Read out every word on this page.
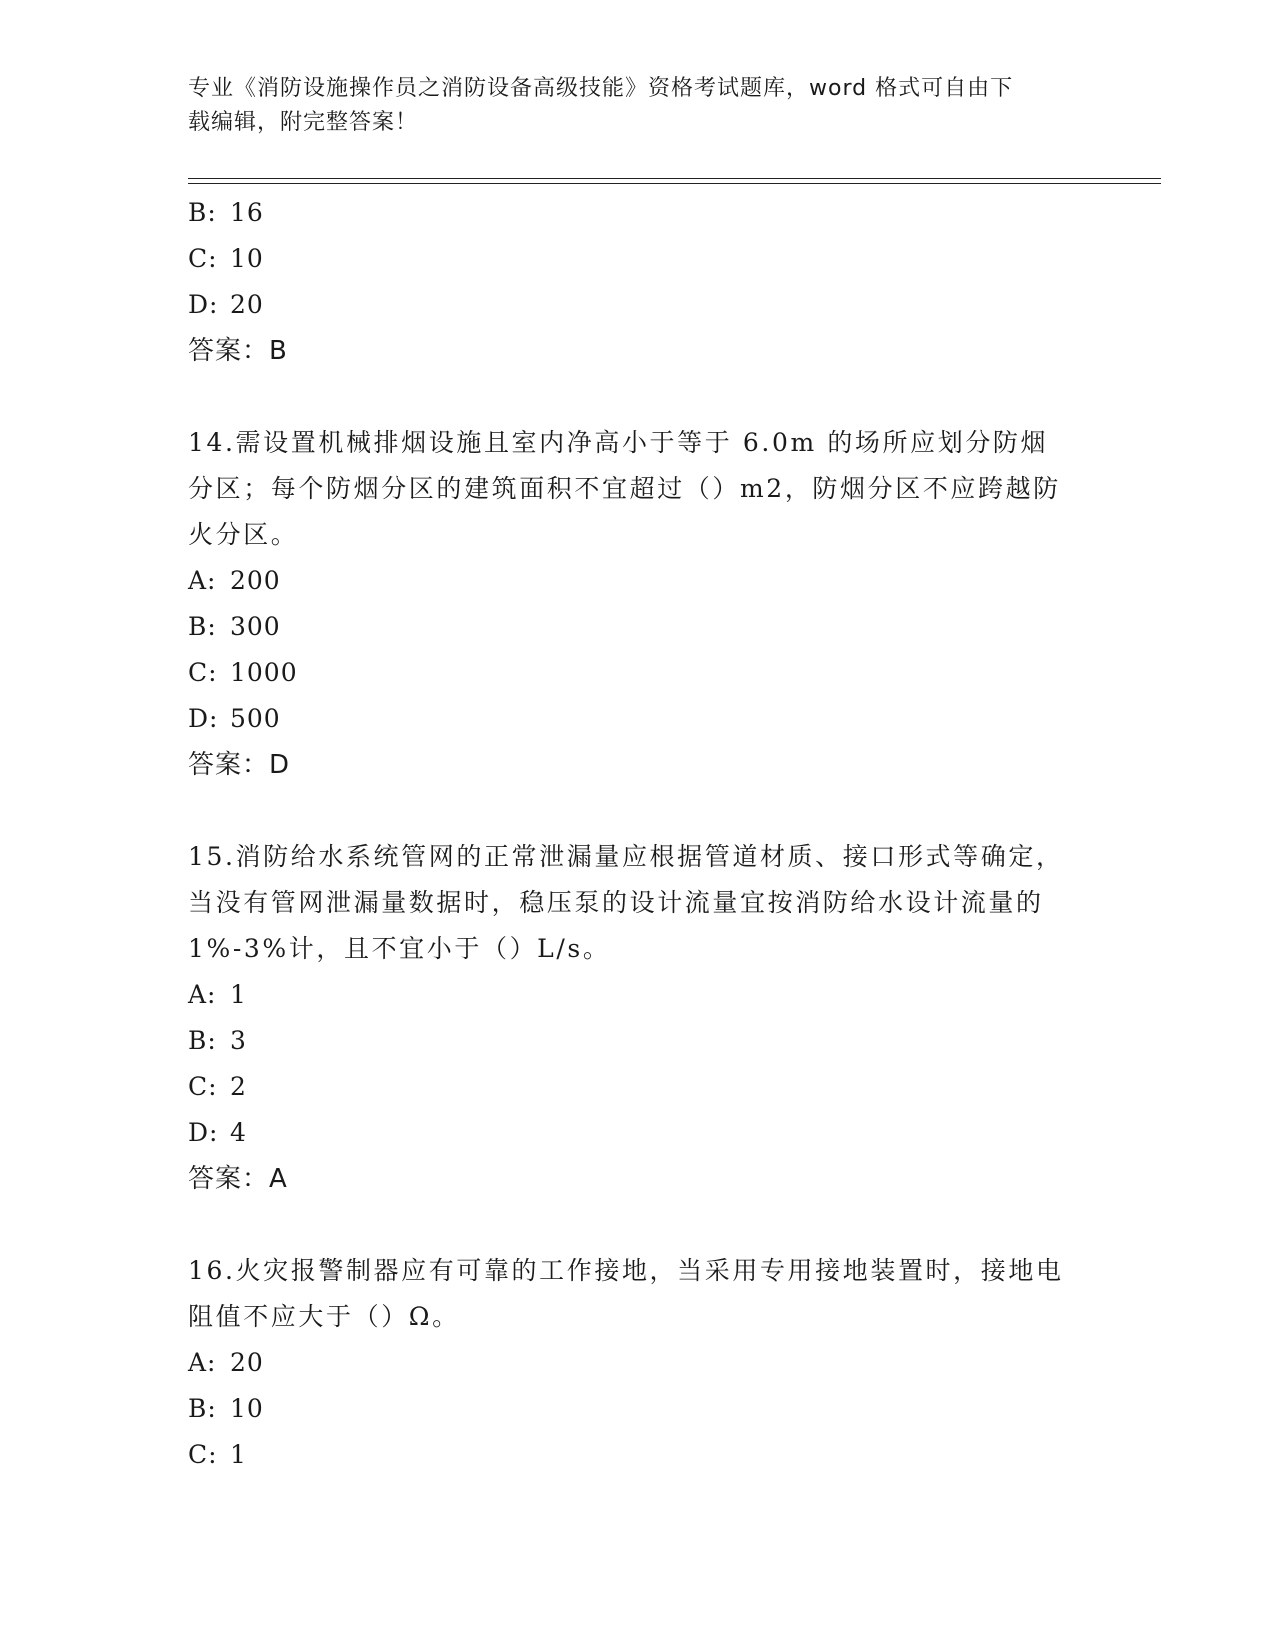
专业《消防设施操作员之消防设备高级技能》资格考试题库，word 格式可自由下
载编辑，附完整答案！
B: 16
C: 10
D: 20
答案：B
14.需设置机械排烟设施且室内净高小于等于 6.0m 的场所应划分防烟分区；每个防烟分区的建筑面积不宜超过（）m2，防烟分区不应跨越防火分区。
A: 200
B: 300
C: 1000
D: 500
答案：D
15.消防给水系统管网的正常泄漏量应根据管道材质、接口形式等确定，当没有管网泄漏量数据时，稳压泵的设计流量宜按消防给水设计流量的 1%-3%计，且不宜小于（）L/s。
A: 1
B: 3
C: 2
D: 4
答案：A
16.火灾报警制器应有可靠的工作接地，当采用专用接地装置时，接地电阻值不应大于（）Ω。
A: 20
B: 10
C: 1
